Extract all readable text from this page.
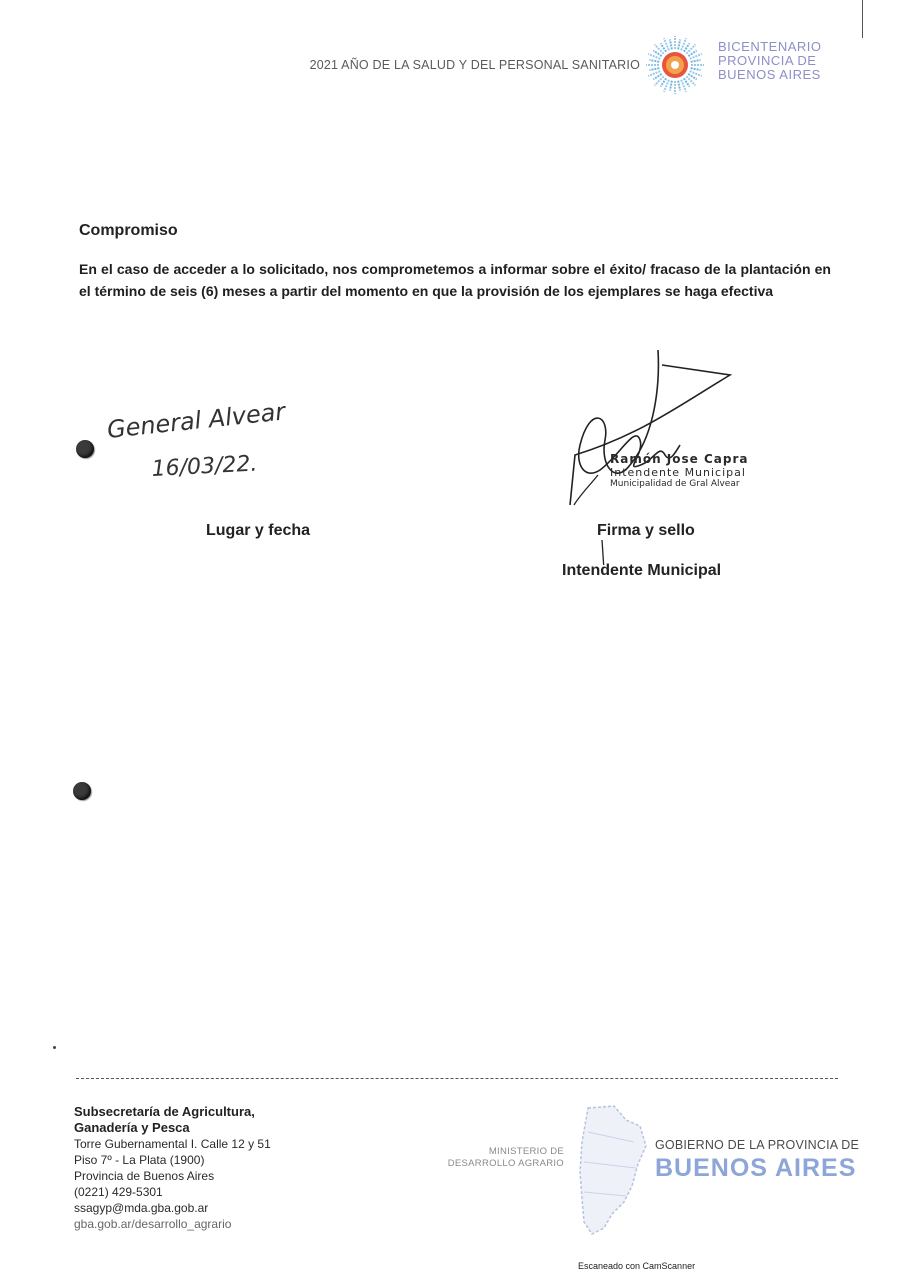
2021 AÑO DE LA SALUD Y DEL PERSONAL SANITARIO
BICENTENARIO
PROVINCIA DE
BUENOS AIRES
Compromiso
En el caso de acceder a lo solicitado, nos comprometemos a informar sobre el éxito/ fracaso de la plantación en el término de seis (6) meses a partir del momento en que la provisión de los ejemplares se haga efectiva
General Alvear
16/03/22.
Lugar y fecha
Ramón Jose Capra
Intendente Municipal
Municipalidad de Gral Alvear
Firma y sello
Intendente Municipal
Subsecretaría de Agricultura,
Ganadería y Pesca
Torre Gubernamental I. Calle 12 y 51
Piso 7º - La Plata (1900)
Provincia de Buenos Aires
(0221) 429-5301
ssagyp@mda.gba.gob.ar
gba.gob.ar/desarrollo_agrario
MINISTERIO DE
DESARROLLO AGRARIO
GOBIERNO DE LA PROVINCIA DE
BUENOS AIRES
Escaneado con CamScanner
